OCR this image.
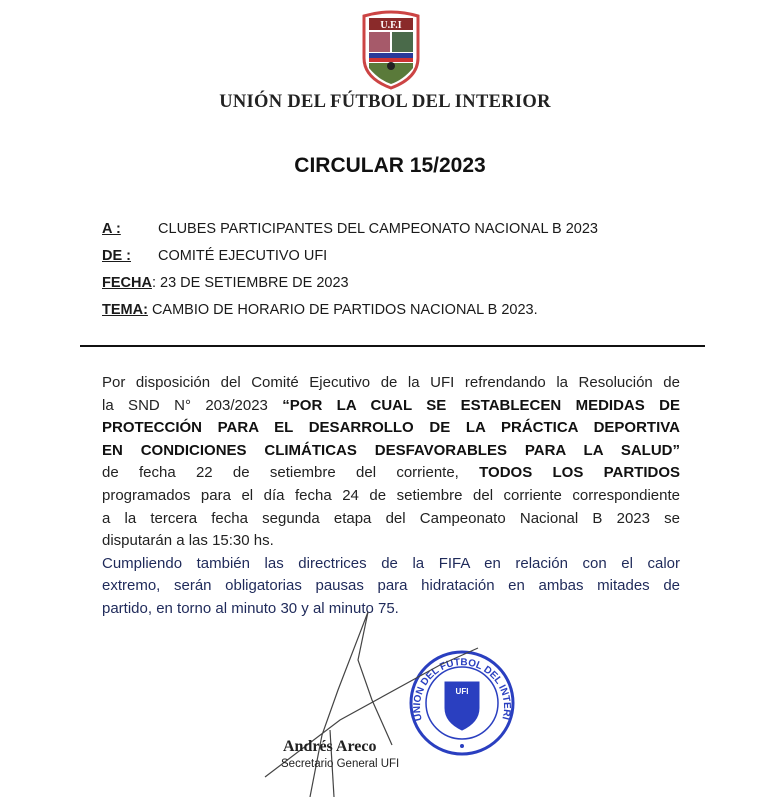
U.F.I
UNIÓN DEL FÚTBOL DEL INTERIOR
CIRCULAR 15/2023
A : CLUBES PARTICIPANTES DEL CAMPEONATO NACIONAL B 2023
DE : COMITÉ EJECUTIVO UFI
FECHA: 23 DE SETIEMBRE DE 2023
TEMA: CAMBIO DE HORARIO DE PARTIDOS NACIONAL B 2023.
Por disposición del Comité Ejecutivo de la UFI refrendando la Resolución de
la SND N° 203/2023 “POR LA CUAL SE ESTABLECEN MEDIDAS DE
PROTECCIÓN PARA EL DESARROLLO DE LA PRÁCTICA DEPORTIVA
EN CONDICIONES CLIMÁTICAS DESFAVORABLES PARA LA SALUD”
de fecha 22 de setiembre del corriente, TODOS LOS PARTIDOS
programados para el día fecha 24 de setiembre del corriente correspondiente
a la tercera fecha segunda etapa del Campeonato Nacional B 2023 se
disputarán a las 15:30 hs.
Cumpliendo también las directrices de la FIFA en relación con el calor
extremo, serán obligatorias pausas para hidratación en ambas mitades de
partido, en torno al minuto 30 y al minuto 75.
UFI
UNION DEL FUTBOL DEL INTERI
Andrés Areco
Secretario General UFI
